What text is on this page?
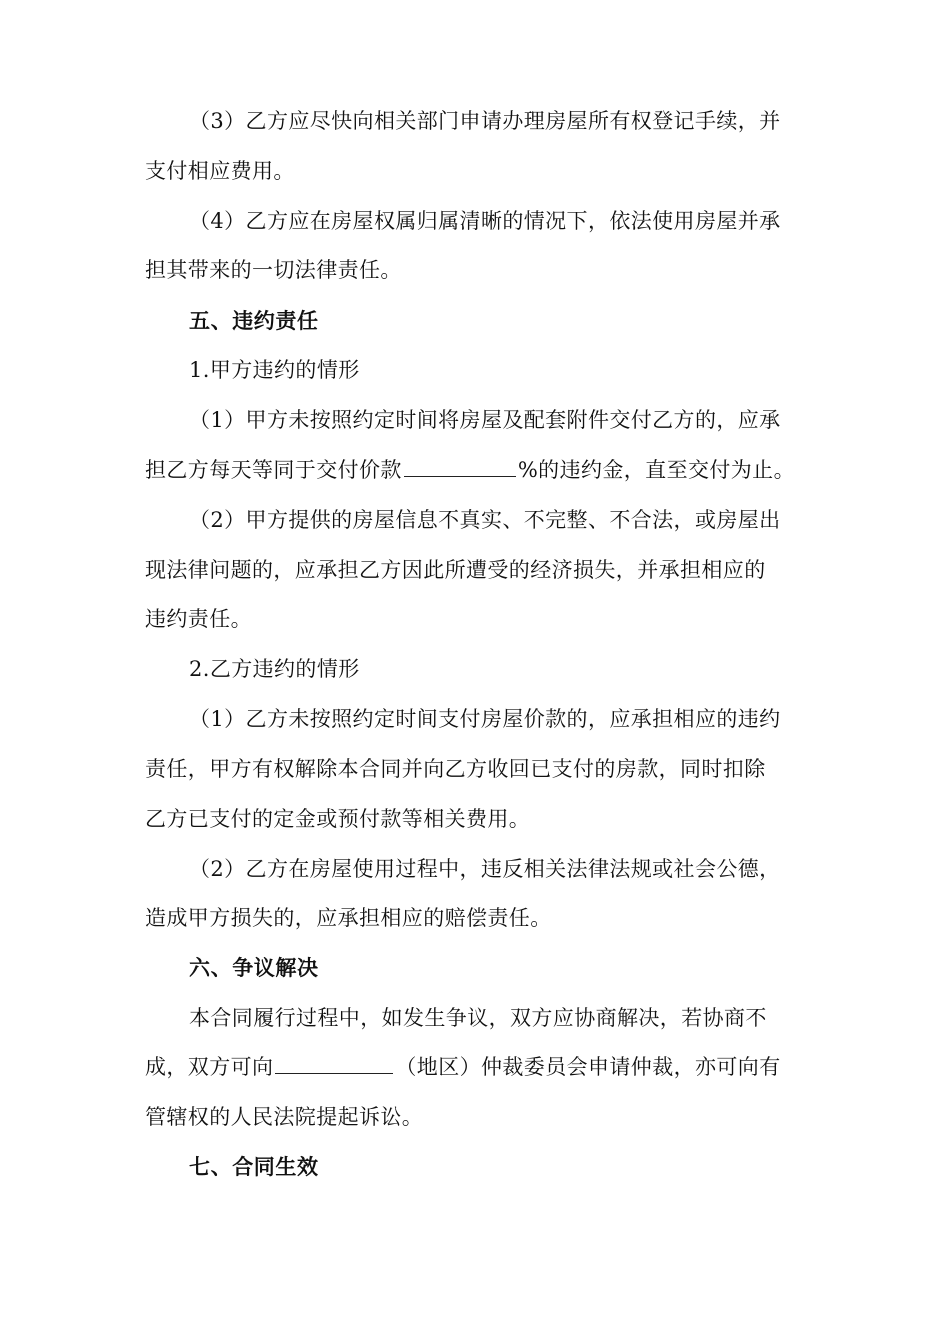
（3）乙方应尽快向相关部门申请办理房屋所有权登记手续，并
支付相应费用。
（4）乙方应在房屋权属归属清晰的情况下，依法使用房屋并承
担其带来的一切法律责任。
五、违约责任
1.甲方违约的情形
（1）甲方未按照约定时间将房屋及配套附件交付乙方的，应承
担乙方每天等同于交付价款	%的违约金，直至交付为止。
（2）甲方提供的房屋信息不真实、不完整、不合法，或房屋出
现法律问题的，应承担乙方因此所遭受的经济损失，并承担相应的
违约责任。
2.乙方违约的情形
（1）乙方未按照约定时间支付房屋价款的，应承担相应的违约
责任，甲方有权解除本合同并向乙方收回已支付的房款，同时扣除
乙方已支付的定金或预付款等相关费用。
（2）乙方在房屋使用过程中，违反相关法律法规或社会公德，
造成甲方损失的，应承担相应的赔偿责任。
六、争议解决
本合同履行过程中，如发生争议，双方应协商解决，若协商不
成，双方可向	（地区）仲裁委员会申请仲裁，亦可向有
管辖权的人民法院提起诉讼。
七、合同生效
